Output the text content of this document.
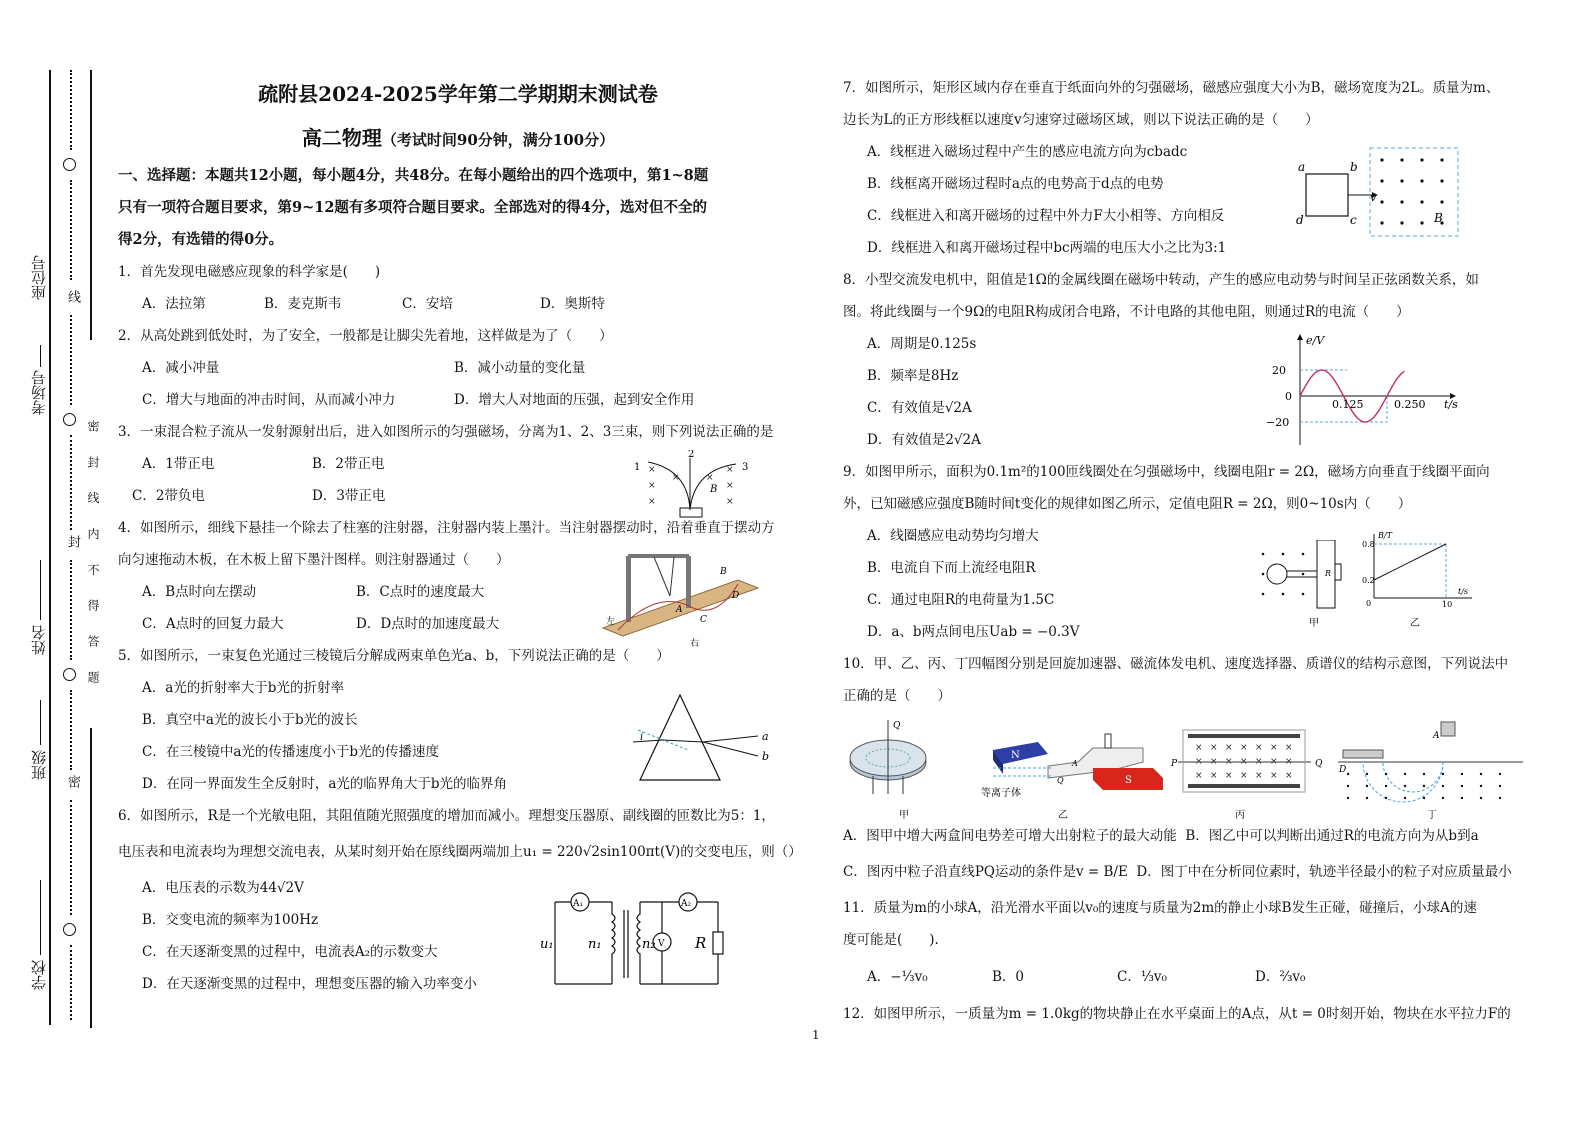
学校
班级
姓名
考场号
座位号 线
封
密
密 封 线 内 不 得 答 题
疏附县2024-2025学年第二学期期末测试卷
高二物理（考试时间90分钟，满分100分）
一、选择题：本题共12小题，每小题4分，共48分。在每小题给出的四个选项中，第1~8题
只有一项符合题目要求，第9~12题有多项符合题目要求。全部选对的得4分，选对但不全的
得2分，有选错的得0分。
1．首先发现电磁感应现象的科学家是(　　)
A．法拉第	B．麦克斯韦	C．安培	D．奥斯特
2．从高处跳到低处时，为了安全，一般都是让脚尖先着地，这样做是为了（　　）
A．减小冲量	B．减小动量的变化量
C．增大与地面的冲击时间，从而减小冲力	D．增大人对地面的压强，起到安全作用
3．一束混合粒子流从一发射源射出后，进入如图所示的匀强磁场，分离为1、2、3三束，则下列说法正确的是
A．1带正电	B．2带正电
C．2带负电	D．3带正电
4．如图所示，细线下悬挂一个除去了柱塞的注射器，注射器内装上墨汁。当注射器摆动时，沿着垂直于摆动方
向匀速拖动木板，在木板上留下墨汁图样。则注射器通过（　　）
A．B点时向左摆动	B．C点时的速度最大
C．A点时的回复力最大	D．D点时的加速度最大
5．如图所示，一束复色光通过三棱镜后分解成两束单色光a、b，下列说法正确的是（　　）
A．a光的折射率大于b光的折射率
B．真空中a光的波长小于b光的波长
C．在三棱镜中a光的传播速度小于b光的传播速度
D．在同一界面发生全反射时，a光的临界角大于b光的临界角
6．如图所示，R是一个光敏电阻，其阻值随光照强度的增加而减小。理想变压器原、副线圈的匝数比为5：1，
电压表和电流表均为理想交流电表，从某时刻开始在原线圈两端加上u₁ = 220√2sin100πt(V)的交变电压，则（）
A．电压表的示数为44√2V
B．交变电流的频率为100Hz
C．在天逐渐变黑的过程中，电流表A₂的示数变大
D．在天逐渐变黑的过程中，理想变压器的输入功率变小
×
×
×
×
×
×
×	×
1
2
3
B
B
A
C
D
左
右
i	a
b
A₁	A₂
V
u₁	n₁	n₂	R
1
7．如图所示，矩形区域内存在垂直于纸面向外的匀强磁场，磁感应强度大小为B，磁场宽度为2L。质量为m、
边长为L的正方形线框以速度v匀速穿过磁场区域，则以下说法正确的是（　　）
A．线框进入磁场过程中产生的感应电流方向为cbadc
B．线框离开磁场过程时a点的电势高于d点的电势
C．线框进入和离开磁场的过程中外力F大小相等、方向相反
D．线框进入和离开磁场过程中bc两端的电压大小之比为3:1
8．小型交流发电机中，阻值是1Ω的金属线圈在磁场中转动，产生的感应电动势与时间呈正弦函数关系，如
图。将此线圈与一个9Ω的电阻R构成闭合电路，不计电路的其他电阻，则通过R的电流（　　）
A．周期是0.125s
B．频率是8Hz
C．有效值是√2A
D．有效值是2√2A
9．如图甲所示，面积为0.1m²的100匝线圈处在匀强磁场中，线圈电阻r = 2Ω，磁场方向垂直于线圈平面向
外，已知磁感应强度B随时间t变化的规律如图乙所示，定值电阻R = 2Ω，则0~10s内（　　）
A．线圈感应电动势均匀增大
B．电流自下而上流经电阻R
C．通过电阻R的电荷量为1.5C
D．a、b两点间电压Uab = −0.3V
10．甲、乙、丙、丁四幅图分别是回旋加速器、磁流体发电机、速度选择器、质谱仪的结构示意图，下列说法中
正确的是（　　）
A．图甲中增大两盒间电势差可增大出射粒子的最大动能 B．图乙中可以判断出通过R的电流方向为从b到a
C．图丙中粒子沿直线PQ运动的条件是v = B/E D．图丁中在分析同位素时，轨迹半径最小的粒子对应质量最小
11．质量为m的小球A，沿光滑水平面以v₀的速度与质量为2m的静止小球B发生正碰，碰撞后，小球A的速
度可能是(　　).
A．−⅓v₀	B．0	C．⅓v₀	D．⅔v₀
12．如图甲所示，一质量为m = 1.0kg的物块静止在水平桌面上的A点，从t = 0时刻开始，物块在水平拉力F的
a	b
c
d
v
B
e/V
t/s
20
0
−20
0.125	0.250
R
甲
B/T
t/s
0.8
0.2
0	10
乙
Q
甲
N
S
A
Q
等离子体
乙
× × × × × × ×
× × × × × × ×
× × × × × × ×
P	Q
丙
D
A
丁
